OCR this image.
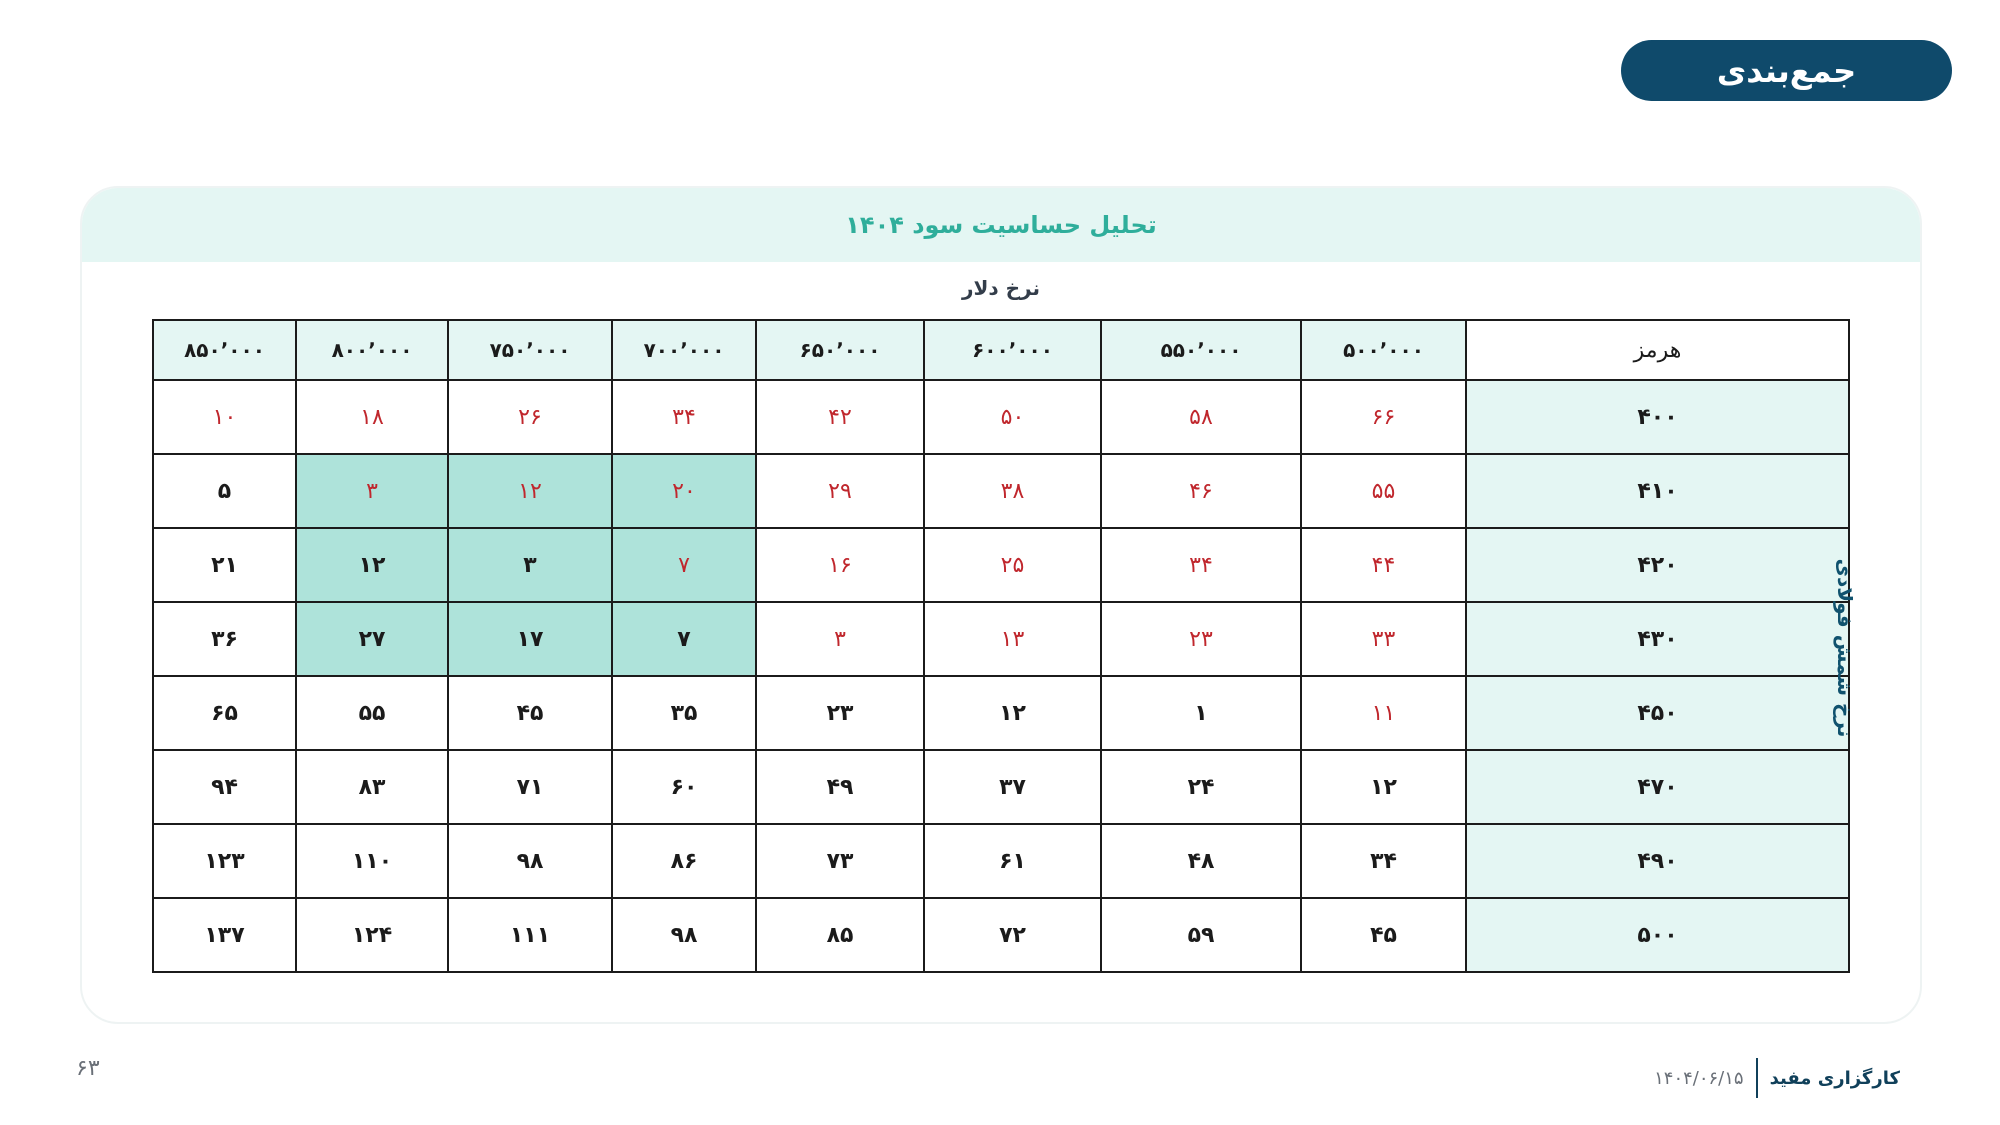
جمع‌بندی
تحلیل حساسیت سود ۱۴۰۴
نرخ دلار
هرمز	۵۰۰٬۰۰۰	۵۵۰٬۰۰۰	۶۰۰٬۰۰۰	۶۵۰٬۰۰۰	۷۰۰٬۰۰۰	۷۵۰٬۰۰۰	۸۰۰٬۰۰۰	۸۵۰٬۰۰۰
۴۰۰	۶۶	۵۸	۵۰	۴۲	۳۴	۲۶	۱۸	۱۰
۴۱۰	۵۵	۴۶	۳۸	۲۹	۲۰	۱۲	۳	۵
۴۲۰	۴۴	۳۴	۲۵	۱۶	۷	۳	۱۲	۲۱
۴۳۰	۳۳	۲۳	۱۳	۳	۷	۱۷	۲۷	۳۶
۴۵۰	۱۱	۱	۱۲	۲۳	۳۵	۴۵	۵۵	۶۵
۴۷۰	۱۲	۲۴	۳۷	۴۹	۶۰	۷۱	۸۳	۹۴
۴۹۰	۳۴	۴۸	۶۱	۷۳	۸۶	۹۸	۱۱۰	۱۲۳
۵۰۰	۴۵	۵۹	۷۲	۸۵	۹۸	۱۱۱	۱۲۴	۱۳۷
نرخ شمش فولادی
کارگزاری مفید
۱۴۰۴/۰۶/۱۵
۶۳
